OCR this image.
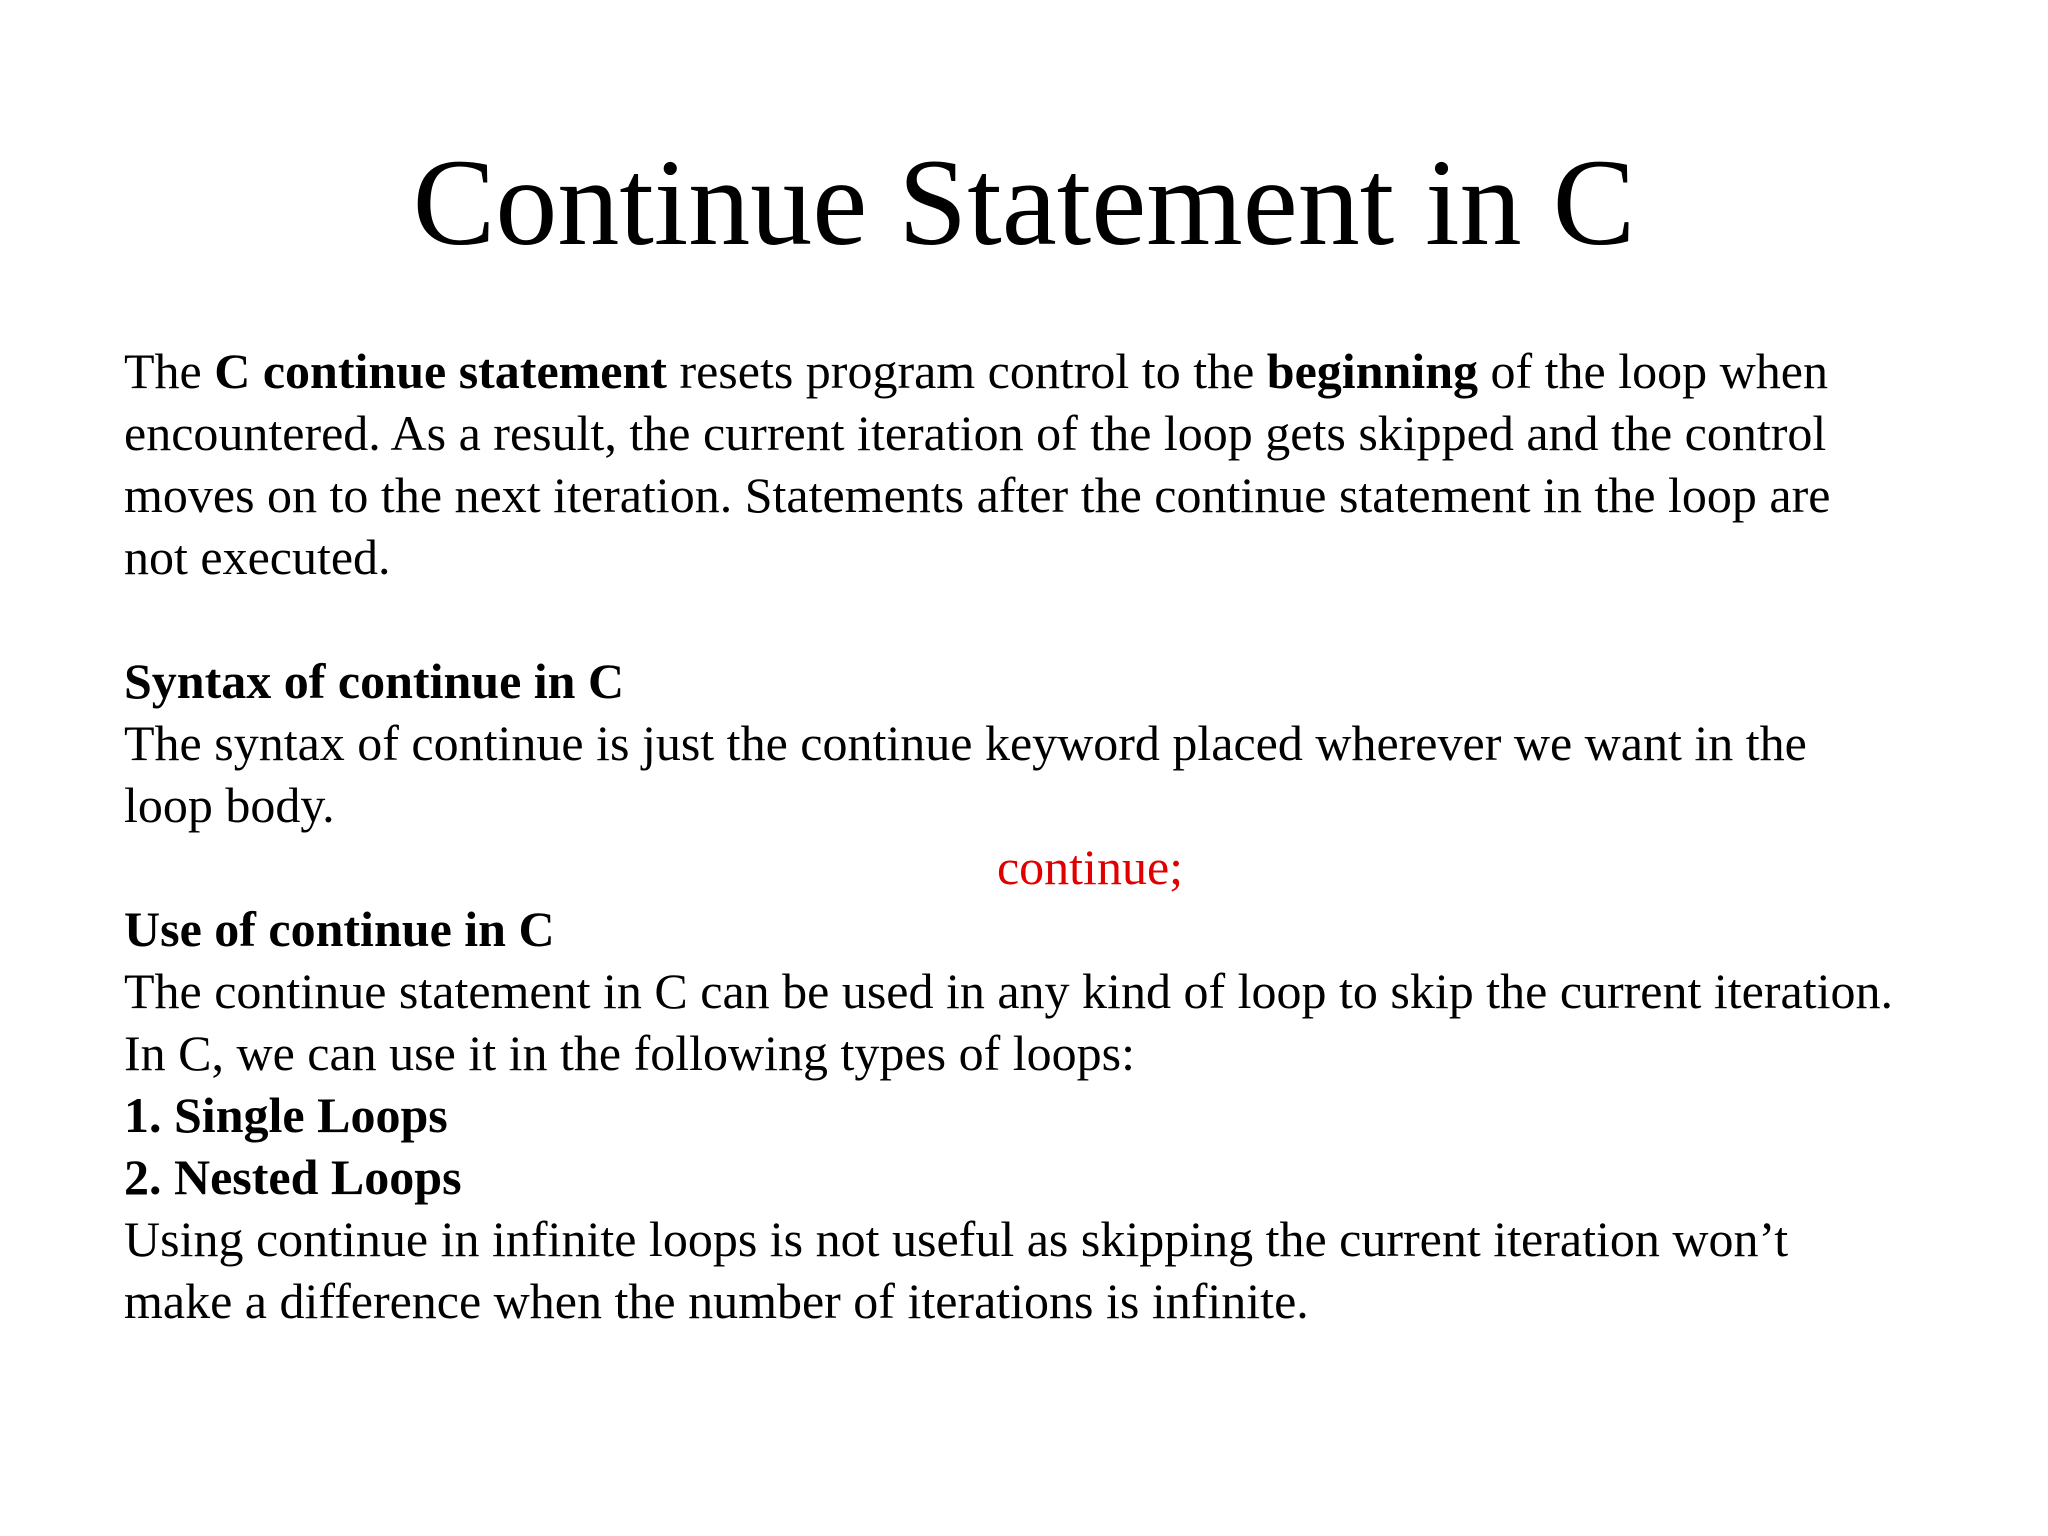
Continue Statement in C
The C continue statement resets program control to the beginning of the loop when
encountered. As a result, the current iteration of the loop gets skipped and the control
moves on to the next iteration. Statements after the continue statement in the loop are
not executed.
Syntax of continue in C
The syntax of continue is just the continue keyword placed wherever we want in the
loop body.
continue;
Use of continue in C
The continue statement in C can be used in any kind of loop to skip the current iteration.
In C, we can use it in the following types of loops:
1. Single Loops
2. Nested Loops
Using continue in infinite loops is not useful as skipping the current iteration won’t
make a difference when the number of iterations is infinite.
